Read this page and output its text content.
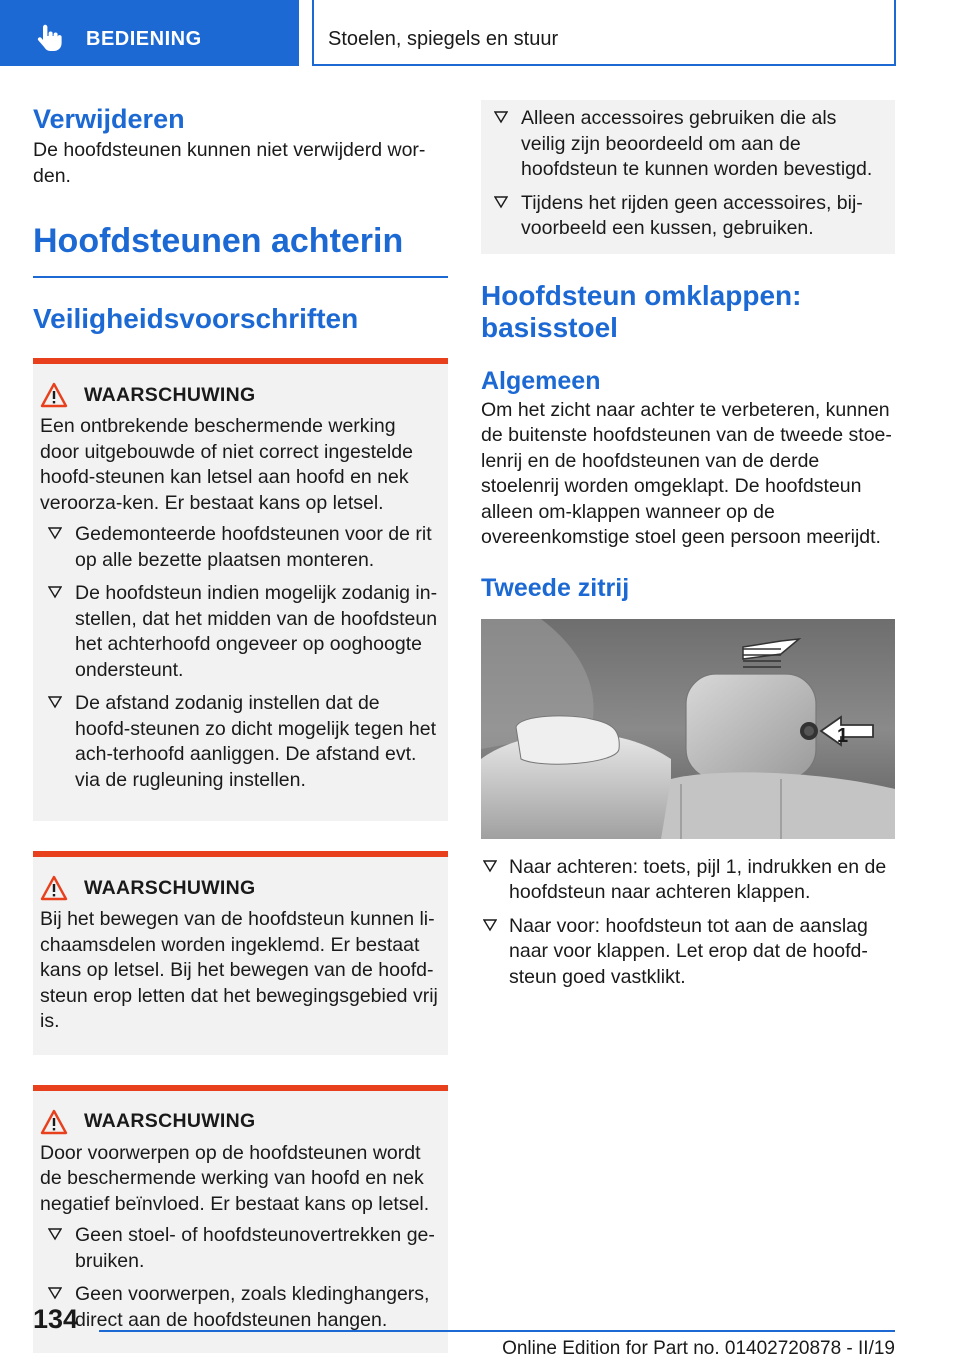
BEDIENING	Stoelen, spiegels en stuur
Verwijderen
De hoofdsteunen kunnen niet verwijderd wor-
den.
Hoofdsteunen achterin
Veiligheidsvoorschriften
WAARSCHUWING
Een ontbrekende beschermende werking door uitgebouwde of niet correct ingestelde hoofd-steunen kan letsel aan hoofd en nek veroorza-ken. Er bestaat kans op letsel.
Gedemonteerde hoofdsteunen voor de rit op alle bezette plaatsen monteren.
De hoofdsteun indien mogelijk zodanig in-stellen, dat het midden van de hoofdsteun het achterhoofd ongeveer op ooghoogte ondersteunt.
De afstand zodanig instellen dat de hoofd-steunen zo dicht mogelijk tegen het ach-terhoofd aanliggen. De afstand evt. via de rugleuning instellen.
WAARSCHUWING
Bij het bewegen van de hoofdsteun kunnen li-chaamsdelen worden ingeklemd. Er bestaat kans op letsel. Bij het bewegen van de hoofd-steun erop letten dat het bewegingsgebied vrij is.
WAARSCHUWING
Door voorwerpen op de hoofdsteunen wordt de beschermende werking van hoofd en nek negatief beïnvloed. Er bestaat kans op letsel.
Geen stoel- of hoofdsteunovertrekken ge-bruiken.
Geen voorwerpen, zoals kledinghangers, direct aan de hoofdsteunen hangen.
Alleen accessoires gebruiken die als veilig zijn beoordeeld om aan de hoofdsteun te kunnen worden bevestigd.
Tijdens het rijden geen accessoires, bij-voorbeeld een kussen, gebruiken.
Hoofdsteun omklappen: basisstoel
Algemeen
Om het zicht naar achter te verbeteren, kunnen de buitenste hoofdsteunen van de tweede stoe-lenrij en de hoofdsteunen van de derde stoelenrij worden omgeklapt. De hoofdsteun alleen om-klappen wanneer op de overeenkomstige stoel geen persoon meerijdt.
Tweede zitrij
1
Naar achteren: toets, pijl 1, indrukken en de hoofdsteun naar achteren klappen.
Naar voor: hoofdsteun tot aan de aanslag naar voor klappen. Let erop dat de hoofd-steun goed vastklikt.
134
Online Edition for Part no. 01402720878 - II/19
